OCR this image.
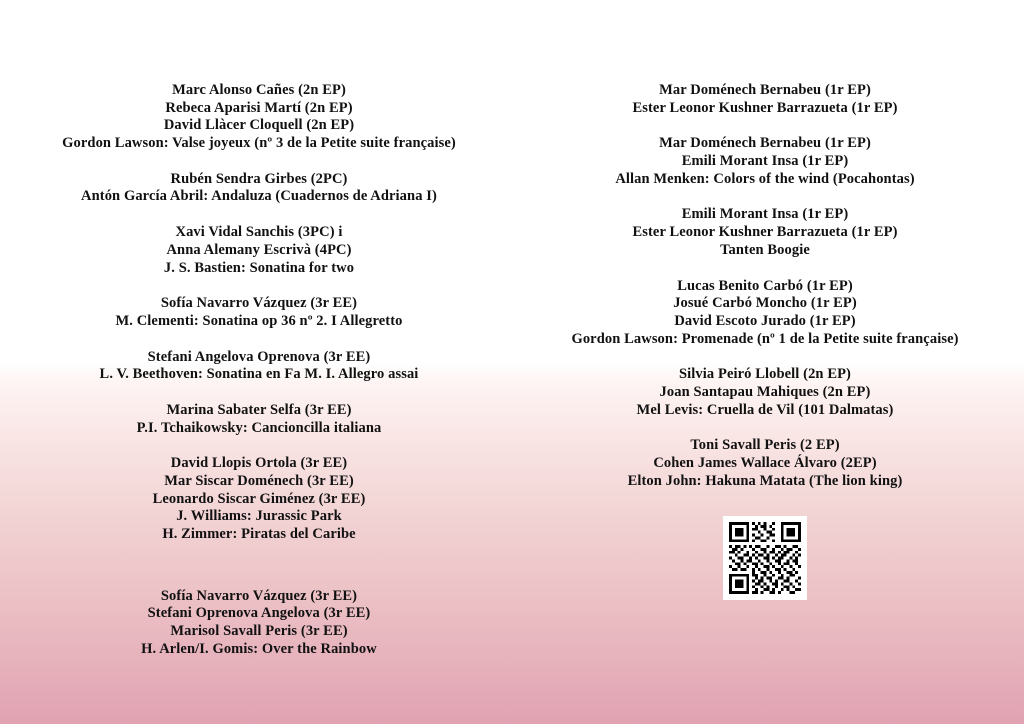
Marc Alonso Cañes (2n EP)
Rebeca Aparisi Martí (2n EP)
David Llàcer Cloquell (2n EP)
Gordon Lawson: Valse joyeux (nº 3 de la Petite suite française)
Rubén Sendra Girbes (2PC)
Antón García Abril: Andaluza (Cuadernos de Adriana I)
Xavi Vidal Sanchis (3PC) i
Anna Alemany Escrivà (4PC)
J. S. Bastien: Sonatina for two
Sofía Navarro Vázquez (3r EE)
M. Clementi: Sonatina op 36 nº 2. I Allegretto
Stefani Angelova Oprenova (3r EE)
L. V. Beethoven: Sonatina en Fa M. I. Allegro assai
Marina Sabater Selfa (3r EE)
P.I. Tchaikowsky: Cancioncilla italiana
David Llopis Ortola (3r EE)
Mar Siscar Doménech (3r EE)
Leonardo Siscar Giménez (3r EE)
J. Williams: Jurassic Park
H. Zimmer: Piratas del Caribe
Sofía Navarro Vázquez (3r EE)
Stefani Oprenova Angelova (3r EE)
Marisol Savall Peris (3r EE)
H. Arlen/I. Gomis: Over the Rainbow
Mar Doménech Bernabeu (1r EP)
Ester Leonor Kushner Barrazueta (1r EP)
Mar Doménech Bernabeu (1r EP)
Emili Morant Insa (1r EP)
Allan Menken: Colors of the wind (Pocahontas)
Emili Morant Insa (1r EP)
Ester Leonor Kushner Barrazueta (1r EP)
Tanten Boogie
Lucas Benito Carbó (1r EP)
Josué Carbó Moncho (1r EP)
David Escoto Jurado (1r EP)
Gordon Lawson: Promenade (nº 1 de la Petite suite française)
Silvia Peiró Llobell (2n EP)
Joan Santapau Mahiques (2n EP)
Mel Levis: Cruella de Vil (101 Dalmatas)
Toni Savall Peris (2 EP)
Cohen James Wallace Álvaro (2EP)
Elton John: Hakuna Matata (The lion king)
